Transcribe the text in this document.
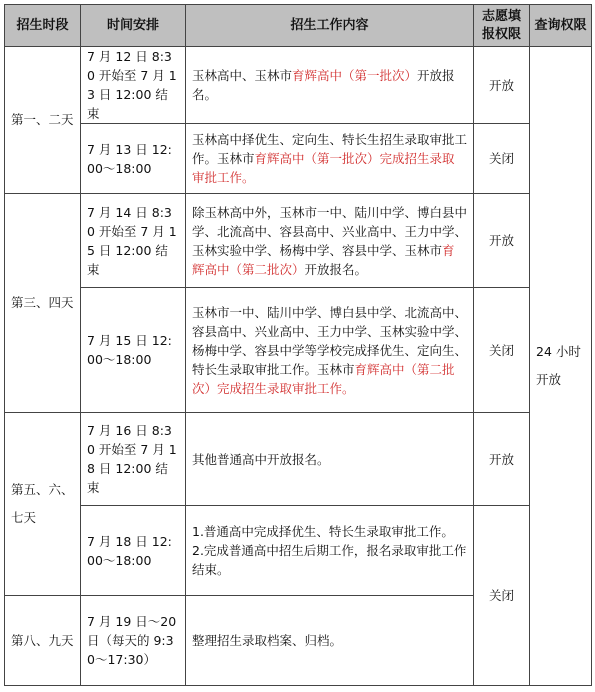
招生时段	时间安排	招生工作内容	志愿填报权限	查询权限
第一、二天	7 月 12 日 8:30 开始至 7 月 13 日 12:00 结束	玉林高中、玉林市育辉高中（第一批次）开放报名。	开放	24 小时开放
	7 月 13 日 12:00～18:00	玉林高中择优生、定向生、特长生招生录取审批工作。玉林市育辉高中（第一批次）完成招生录取审批工作。	关闭	
第三、四天	7 月 14 日 8:30 开始至 7 月 15 日 12:00 结束	除玉林高中外，玉林市一中、陆川中学、博白县中学、北流高中、容县高中、兴业高中、王力中学、玉林实验中学、杨梅中学、容县中学、玉林市育辉高中（第二批次）开放报名。	开放	
	7 月 15 日 12:00～18:00	玉林市一中、陆川中学、博白县中学、北流高中、容县高中、兴业高中、王力中学、玉林实验中学、杨梅中学、容县中学等学校完成择优生、定向生、特长生录取审批工作。玉林市育辉高中（第二批次）完成招生录取审批工作。	关闭	
第五、六、七天	7 月 16 日 8:30 开始至 7 月 18 日 12:00 结束	其他普通高中开放报名。	开放	
	7 月 18 日 12:00～18:00	1.普通高中完成择优生、特长生录取审批工作。
2.完成普通高中招生后期工作，报名录取审批工作结束。	关闭	
第八、九天	7 月 19 日～20 日（每天的 9:30～17:30）	整理招生录取档案、归档。		
